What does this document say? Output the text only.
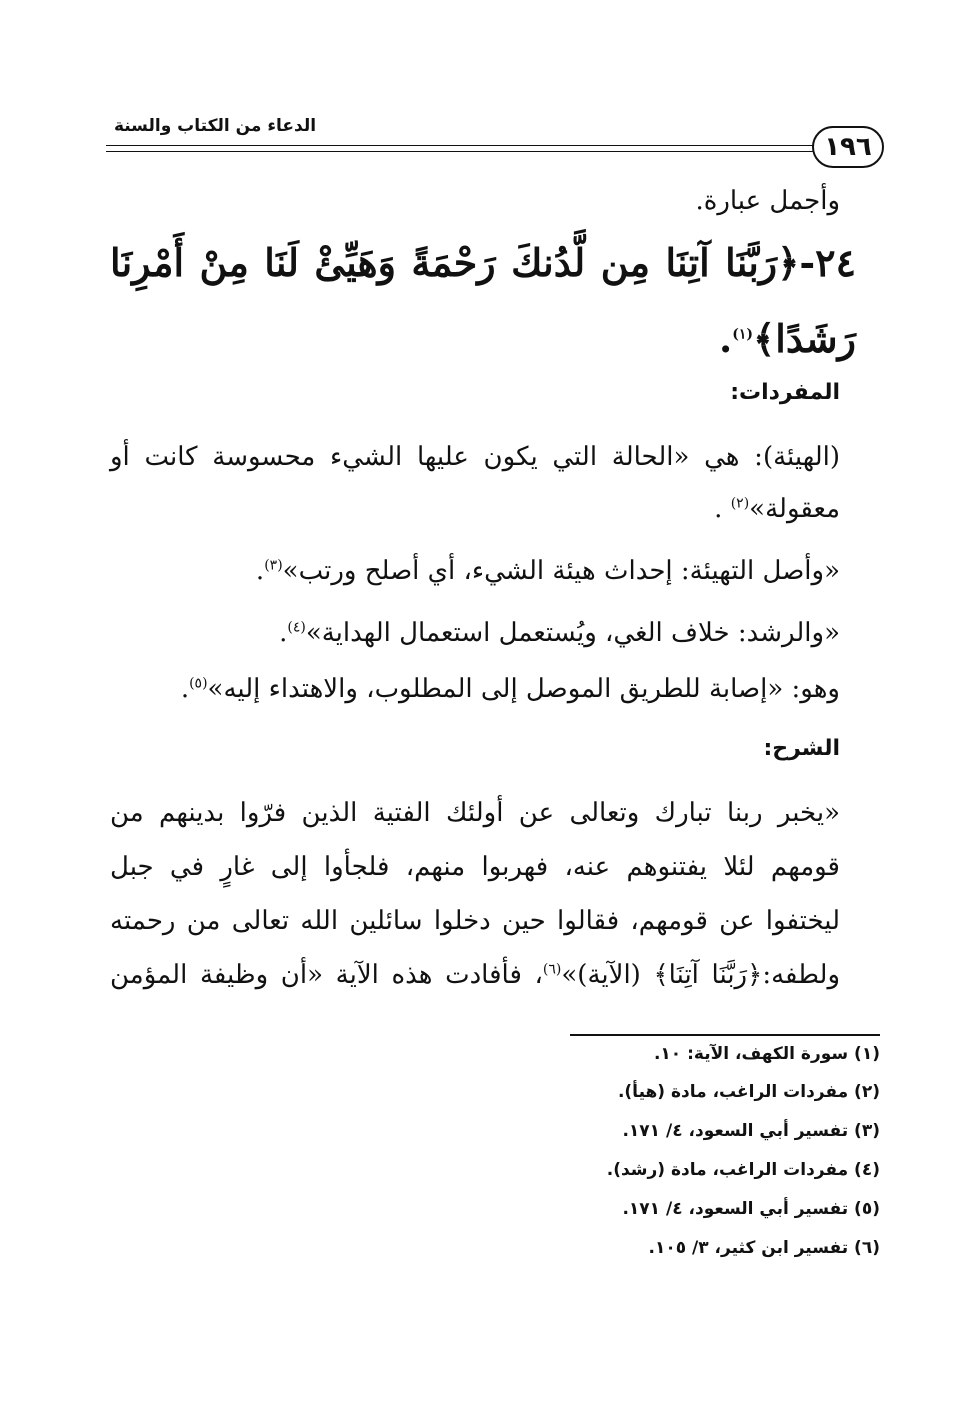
الدعاء من الكتاب والسنة
١٩٦
وأجمل عبارة.
٢٤-﴿رَبَّنَا آتِنَا مِن لَّدُنكَ رَحْمَةً وَهَيِّئْ لَنَا مِنْ أَمْرِنَا
رَشَدًا﴾$^{(١)}$.
المفردات:
(الهيئة): هي «الحالة التي يكون عليها الشيء محسوسة كانت أو
معقولة»$^{(٢)}$ .
«وأصل التهيئة: إحداث هيئة الشيء، أي أصلح ورتب»$^{(٣)}$.
«والرشد: خلاف الغي، ويُستعمل استعمال الهداية»$^{(٤)}$.
وهو: «إصابة للطريق الموصل إلى المطلوب، والاهتداء إليه»$^{(٥)}$.
الشرح:
«يخبر ربنا تبارك وتعالى عن أولئك الفتية الذين فرّوا بدينهم من
قومهم لئلا يفتنوهم عنه، فهربوا منهم، فلجأوا إلى غارٍ في جبل
ليختفوا عن قومهم، فقالوا حين دخلوا سائلين الله تعالى من رحمته
ولطفه:﴿رَبَّنَا آتِنَا﴾ (الآية)»$^{(٦)}$، فأفادت هذه الآية «أن وظيفة المؤمن
(١) سورة الكهف، الآية: ١٠.
(٢) مفردات الراغب، مادة (هيأ).
(٣) تفسير أبي السعود، ٤/ ١٧١.
(٤) مفردات الراغب، مادة (رشد).
(٥) تفسير أبي السعود، ٤/ ١٧١.
(٦) تفسير ابن كثير، ٣/ ١٠٥.
